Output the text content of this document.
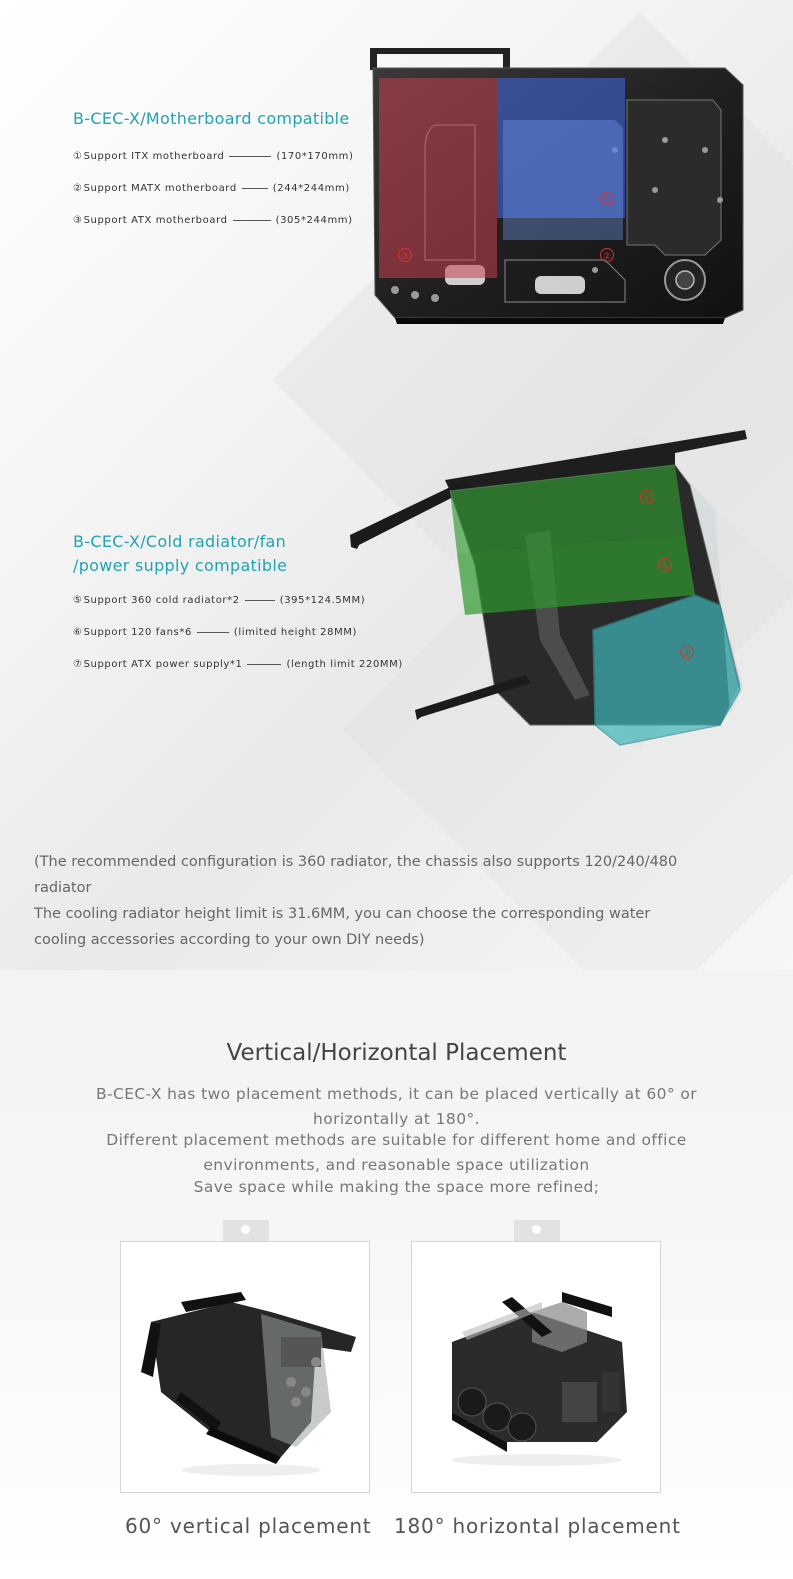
B-CEC-X/Motherboard compatible
① Support ITX motherboard	(170*170mm)
② Support MATX motherboard	(244*244mm)
③ Support ATX motherboard	(305*244mm)
①
②
③
B-CEC-X/Cold radiator/fan
/power supply compatible
⑤ Support 360 cold radiator*2	(395*124.5MM)
⑥ Support 120 fans*6	(limited height 28MM)
⑦ Support ATX power supply*1	(length limit 220MM)
⑤
⑥
⑦
(The recommended configuration is 360 radiator, the chassis also supports 120/240/480
radiator
The cooling radiator height limit is 31.6MM, you can choose the corresponding water
cooling accessories according to your own DIY needs)
Vertical/Horizontal Placement
B-CEC-X has two placement methods, it can be placed vertically at 60° or
horizontally at 180°.
Different placement methods are suitable for different home and office
environments, and reasonable space utilization
Save space while making the space more refined;
60° vertical placement 180° horizontal placement
